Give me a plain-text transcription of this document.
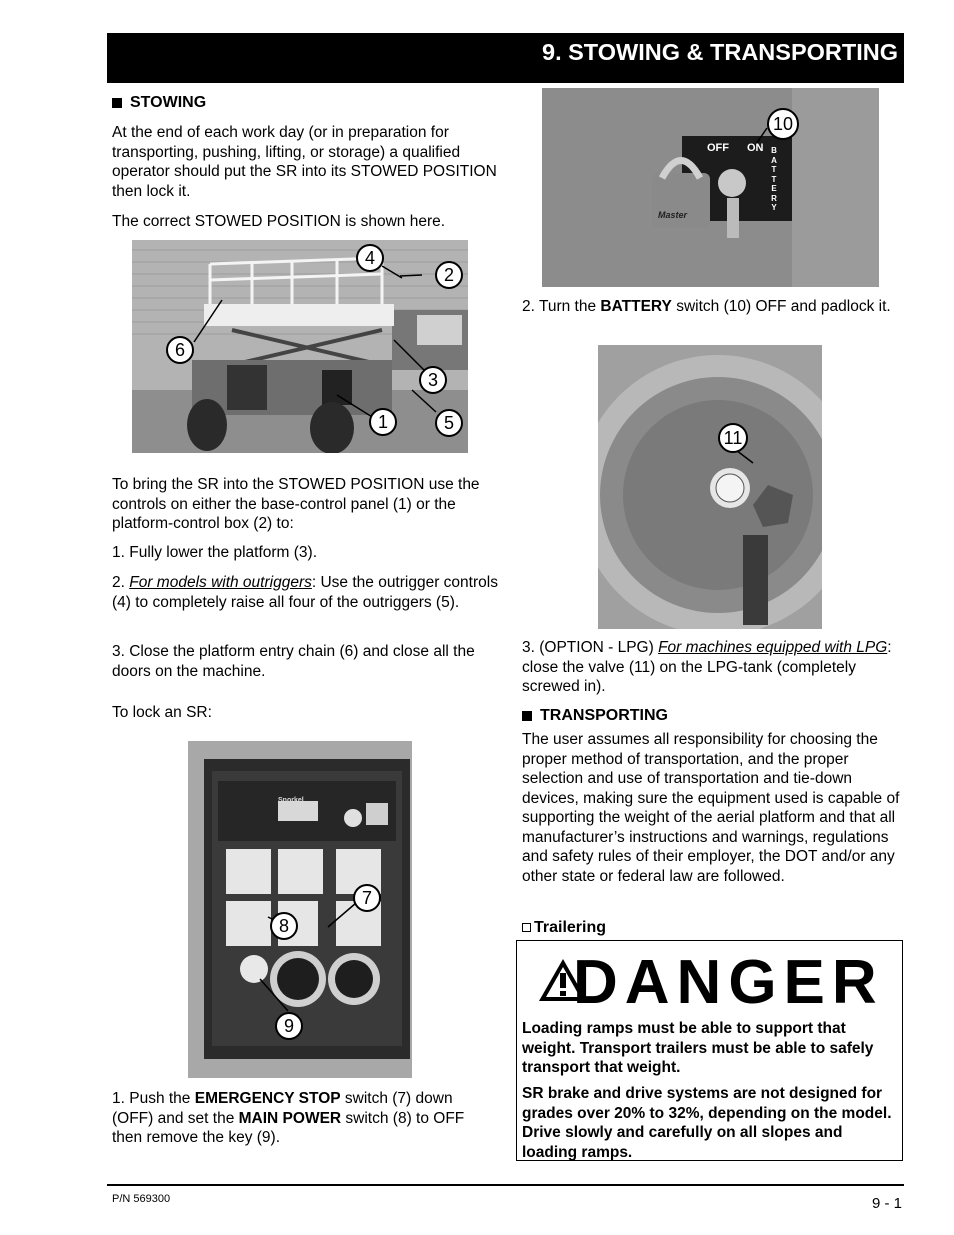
9. STOWING & TRANSPORTING
STOWING

At the end of each work day (or in preparation for transporting, pushing, lifting, or storage) a qualified operator should put the SR into its STOWED POSITION then lock it.

The correct STOWED POSITION is shown here.

4
2
6
3
1	5

To bring the SR into the STOWED POSITION use the controls on either the base-control panel (1) or the platform-control box (2) to:

1. Fully lower the platform (3).

2. For models with outriggers: Use the outrigger controls (4) to completely raise all four of the outriggers (5).

3. Close the platform entry chain (6) and close all the doors on the machine.

To lock an SR:

Snorkel
7
8
9

1. Push the EMERGENCY STOP switch (7) down (OFF) and set the MAIN POWER switch (8) to OFF then remove the key (9).

OFF ON BATTERY
Master
10

2. Turn the BATTERY switch (10) OFF and padlock it.

11

3. (OPTION - LPG) For machines equipped with LPG: close the valve (11) on the LPG-tank (completely screwed in).

TRANSPORTING

The user assumes all responsibility for choosing the proper method of transportation, and the proper selection and use of transportation and tie-down devices, making sure the equipment used is capable of supporting the weight of the aerial platform and that all manufacturer’s instructions and warnings, regulations and safety rules of their employer, the DOT and/or any other state or federal law are followed.

Trailering
DANGER

Loading ramps must be able to support that weight. Transport trailers must be able to safely transport that weight.

SR brake and drive systems are not designed for grades over 20% to 32%, depending on the model. Drive slowly and carefully on all slopes and loading ramps.

P/N 569300	9 - 1
